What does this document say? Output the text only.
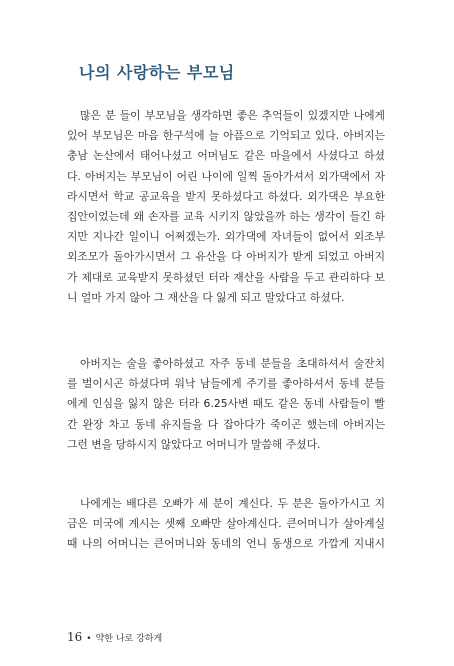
나의 사랑하는 부모님
많은 분 들이 부모님을 생각하면 좋은 추억들이 있겠지만 나에게
있어 부모님은 마음 한구석에 늘 아픔으로 기억되고 있다. 아버지는
충남 논산에서 태어나셨고 어머님도 같은 마을에서 사셨다고 하셨
다. 아버지는 부모님이 어린 나이에 일찍 돌아가셔서 외가댁에서 자
라시면서 학교 공교육을 받지 못하셨다고 하셨다. 외가댁은 부요한
집안이었는데 왜 손자를 교육 시키지 않았을까 하는 생각이 들긴 하
지만 지나간 일이니 어쩌겠는가. 외가댁에 자녀들이 없어서 외조부
외조모가 돌아가시면서 그 유산을 다 아버지가 받게 되었고 아버지
가 제대로 교육받지 못하셨던 터라 재산을 사람을 두고 관리하다 보
니 얼마 가지 않아 그 재산을 다 잃게 되고 말았다고 하셨다.
아버지는 술을 좋아하셨고 자주 동네 분들을 초대하셔서 술잔치
를 벌이시곤 하셨다며 워낙 남들에게 주기를 좋아하셔서 동네 분들
에게 인심을 잃지 않은 터라 6.25사변 때도 같은 동네 사람들이 빨
간 완장 차고 동네 유지들을 다 잡아다가 죽이곤 했는데 아버지는
그런 변을 당하시지 않았다고 어머니가 말씀해 주셨다.
나에게는 배다른 오빠가 세 분이 계신다. 두 분은 돌아가시고 지
금은 미국에 계시는 셋째 오빠만 살아계신다. 큰어머니가 살아계실
때 나의 어머니는 큰어머니와 동네의 언니 동생으로 가깝게 지내시
16 • 약한 나로 강하게
